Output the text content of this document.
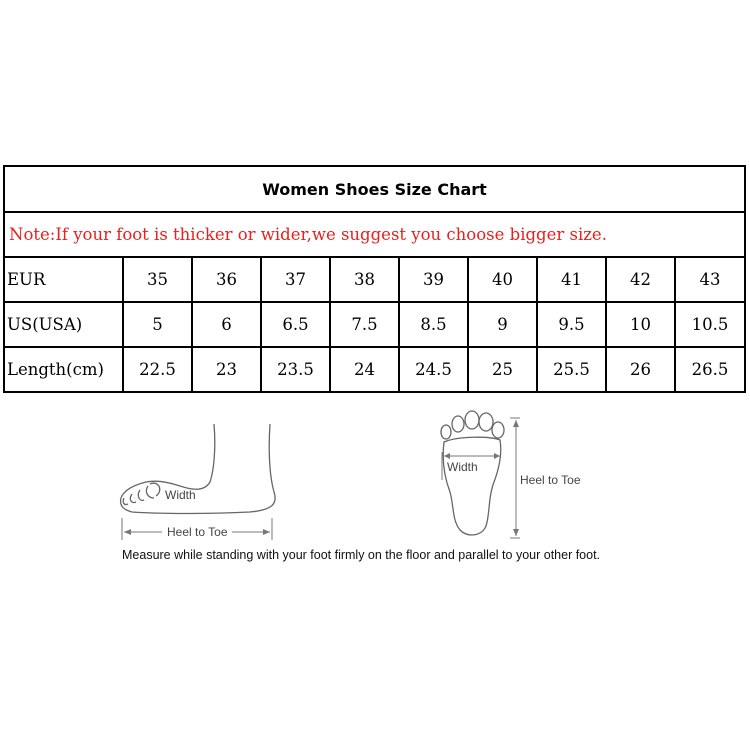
Women Shoes Size Chart
Note:If your foot is thicker or wider,we suggest you choose bigger size.
EUR	35	36	37	38	39	40	41	42	43
US(USA)	5	6	6.5	7.5	8.5	9	9.5	10	10.5
Length(cm)	22.5	23	23.5	24	24.5	25	25.5	26	26.5
Width
Heel to Toe
Width
Heel to Toe
Measure while standing with your foot firmly on the floor and parallel to your other foot.
